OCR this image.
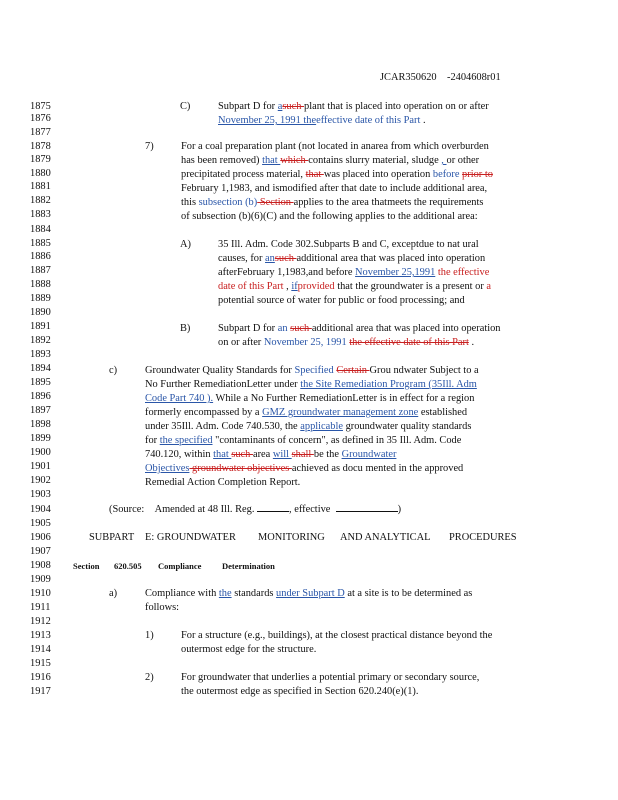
JCAR350620 -2404608r01
1875
1876
1877
1878
1879
1880
1881
1882
1883
1884
1885
1886
1887
1888
1889
1890
1891
1892
1893
1894
1895
1896
1897
1898
1899
1900
1901
1902
1903
1904
1905
1906
1907
1908
1909
1910
1911
1912
1913
1914
1915
1916
1917
C)	Subpart D for asuch plant that is placed into operation on or after
November 25, 1991 theeffective date of this Part .
7)	For a coal preparation plant (not located in anarea from which overburden
has been removed) that which contains slurry material, sludge , or other
precipitated process material, that was placed into operation before prior to
February 1,1983, and ismodified after that date to include additional area,
this subsection (b) Section applies to the area thatmeets the requirements
of subsection (b)(6)(C) and the following applies to the additional area:
A)	35 Ill. Adm. Code 302.Subparts B and C, exceptdue to nat ural
causes, for ansuch additional area that was placed into operation
afterFebruary 1,1983,and before November 25,1991 the effective
date of this Part , ifprovided that the groundwater is a present or a
potential source of water for public or food processing; and
B)	Subpart D for an such additional area that was placed into operation
on or after November 25, 1991 the effective date of this Part .
c)	Groundwater Quality Standards for Specified Certain Grou ndwater Subject to a
No Further RemediationLetter under the Site Remediation Program (35Ill. Adm
Code Part 740 ). While a No Further RemediationLetter is in effect for a region
formerly encompassed by a GMZ groundwater management zone established
under 35Ill. Adm. Code 740.530, the applicable groundwater quality standards
for the specified "contaminants of concern", as defined in 35 Ill. Adm. Code
740.120, within that such area will shall be the Groundwater
Objectives groundwater objectives achieved as docu mented in the approved
Remedial Action Completion Report.
(Source: Amended at 48 Ill. Reg.	, effective	)
SUBPART E: GROUNDWATER MONITORING AND ANALYTICAL PROCEDURES
Section 620.505 Compliance Determination
a)	Compliance with the standards under Subpart D at a site is to be determined as
follows:
1)	For a structure (e.g., buildings), at the closest practical distance beyond the
outermost edge for the structure.
2)	For groundwater that underlies a potential primary or secondary source,
the outermost edge as specified in Section 620.240(e)(1).
